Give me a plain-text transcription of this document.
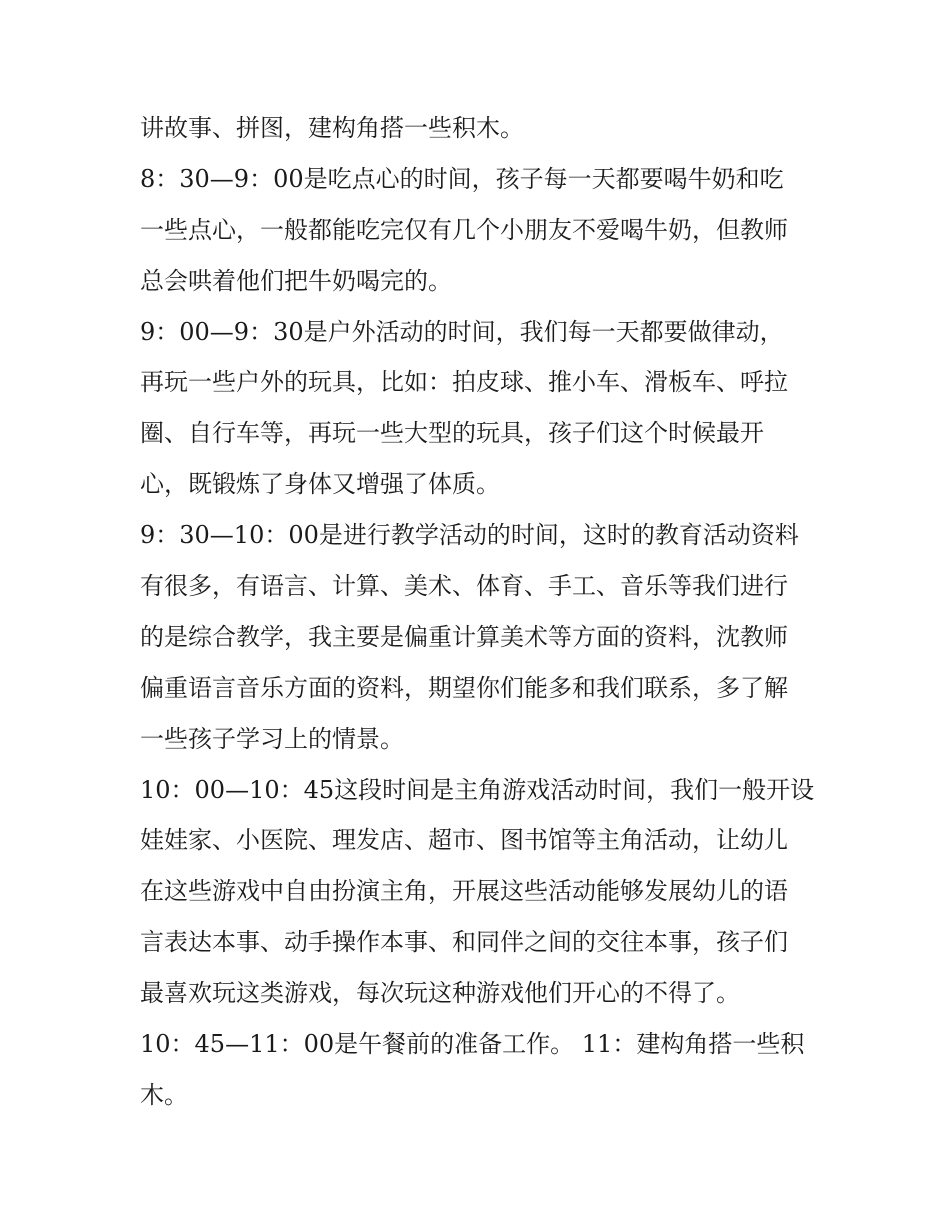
讲故事、拼图，建构角搭一些积木。
8：30—9：00是吃点心的时间，孩子每一天都要喝牛奶和吃
一些点心，一般都能吃完仅有几个小朋友不爱喝牛奶，但教师
总会哄着他们把牛奶喝完的。
9：00—9：30是户外活动的时间，我们每一天都要做律动，
再玩一些户外的玩具，比如：拍皮球、推小车、滑板车、呼拉
圈、自行车等，再玩一些大型的玩具，孩子们这个时候最开
心，既锻炼了身体又增强了体质。
9：30—10：00是进行教学活动的时间，这时的教育活动资料
有很多，有语言、计算、美术、体育、手工、音乐等我们进行
的是综合教学，我主要是偏重计算美术等方面的资料，沈教师
偏重语言音乐方面的资料，期望你们能多和我们联系，多了解
一些孩子学习上的情景。
10：00—10：45这段时间是主角游戏活动时间，我们一般开设
娃娃家、小医院、理发店、超市、图书馆等主角活动，让幼儿
在这些游戏中自由扮演主角，开展这些活动能够发展幼儿的语
言表达本事、动手操作本事、和同伴之间的交往本事，孩子们
最喜欢玩这类游戏，每次玩这种游戏他们开心的不得了。
10：45—11：00是午餐前的准备工作。 11：建构角搭一些积
木。
